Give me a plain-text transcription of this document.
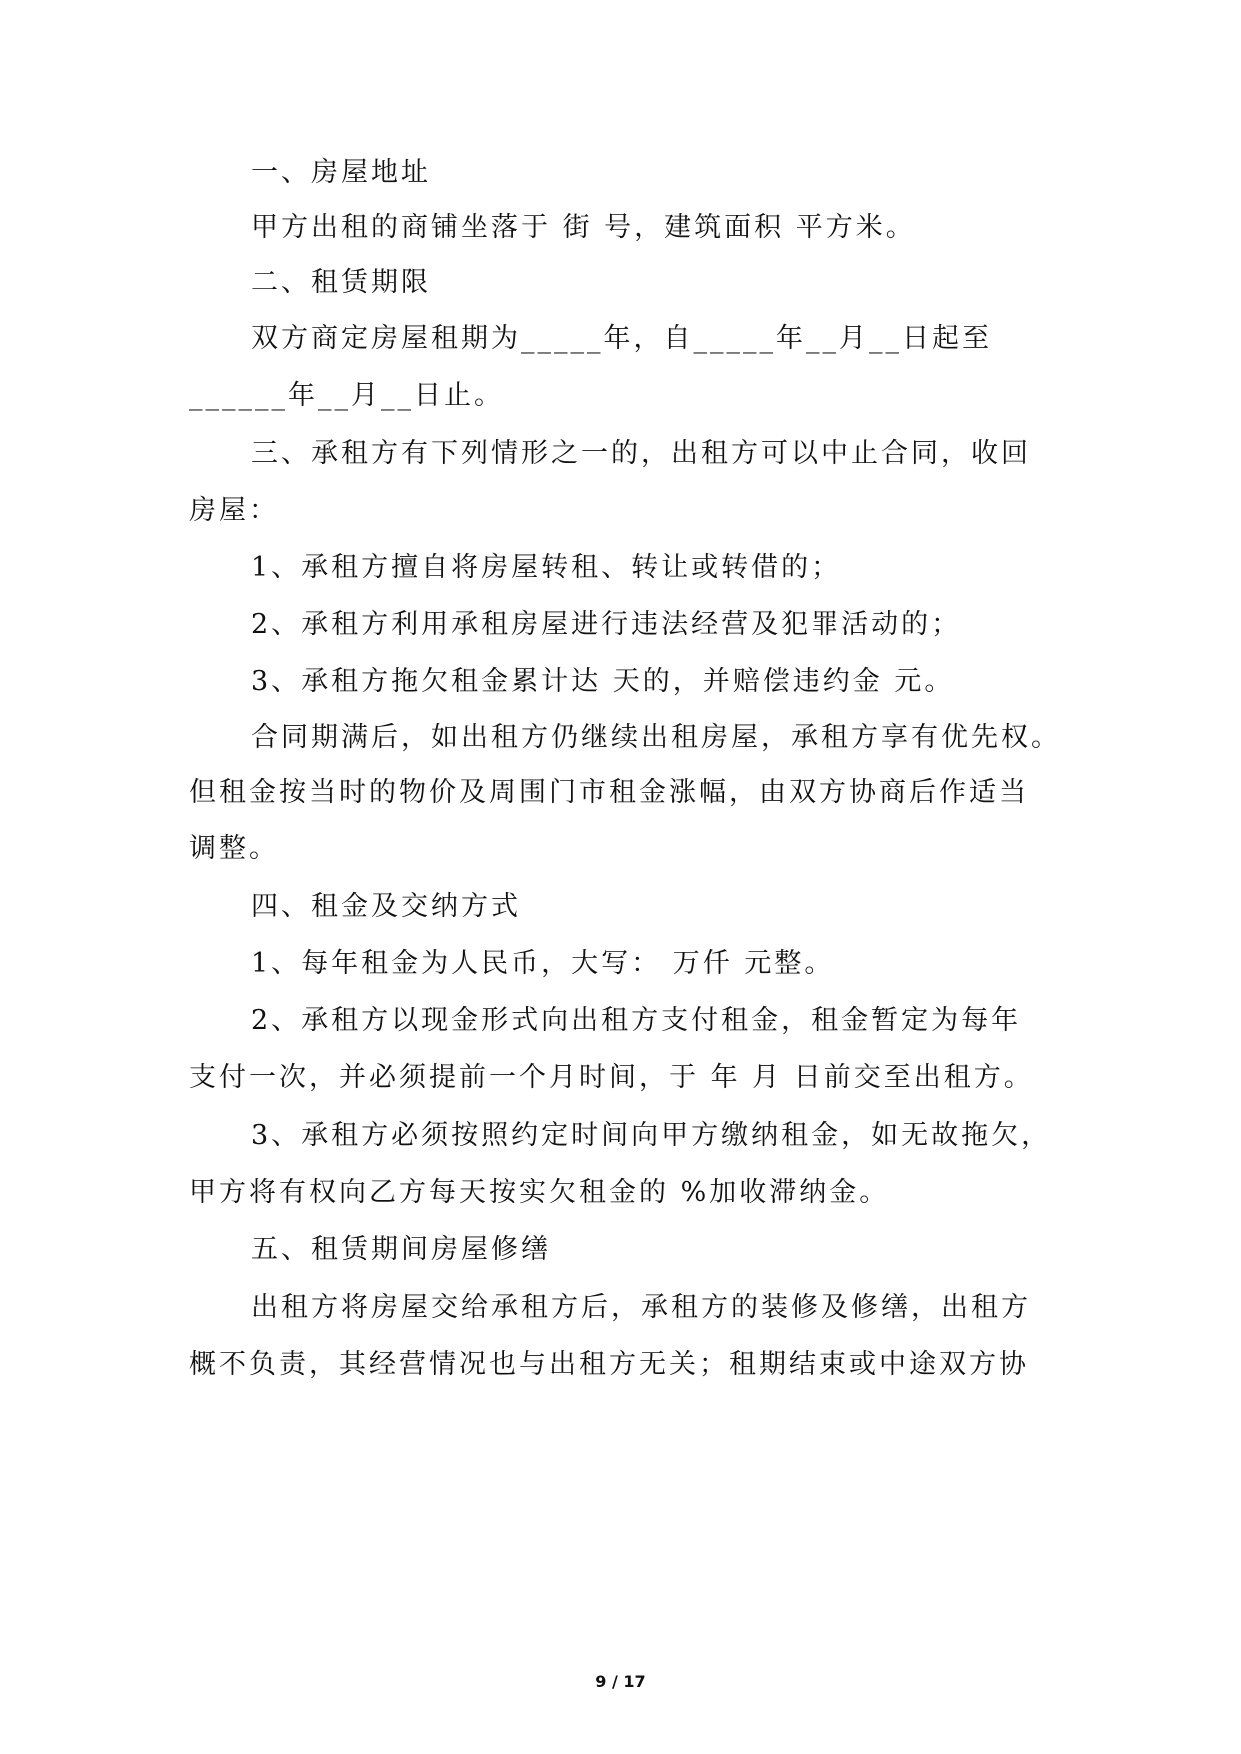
一、房屋地址
甲方出租的商铺坐落于 街 号，建筑面积 平方米。
二、租赁期限
双方商定房屋租期为_____年，自_____年__月__日起至
______年__月__日止。
三、承租方有下列情形之一的，出租方可以中止合同，收回
房屋：
1、承租方擅自将房屋转租、转让或转借的；
2、承租方利用承租房屋进行违法经营及犯罪活动的；
3、承租方拖欠租金累计达 天的，并赔偿违约金 元。
合同期满后，如出租方仍继续出租房屋，承租方享有优先权。
但租金按当时的物价及周围门市租金涨幅，由双方协商后作适当
调整。
四、租金及交纳方式
1、每年租金为人民币，大写： 万仟 元整。
2、承租方以现金形式向出租方支付租金，租金暂定为每年
支付一次，并必须提前一个月时间，于 年 月 日前交至出租方。
3、承租方必须按照约定时间向甲方缴纳租金，如无故拖欠，
甲方将有权向乙方每天按实欠租金的 %加收滞纳金。
五、租赁期间房屋修缮
出租方将房屋交给承租方后，承租方的装修及修缮，出租方
概不负责，其经营情况也与出租方无关；租期结束或中途双方协
9 / 17
